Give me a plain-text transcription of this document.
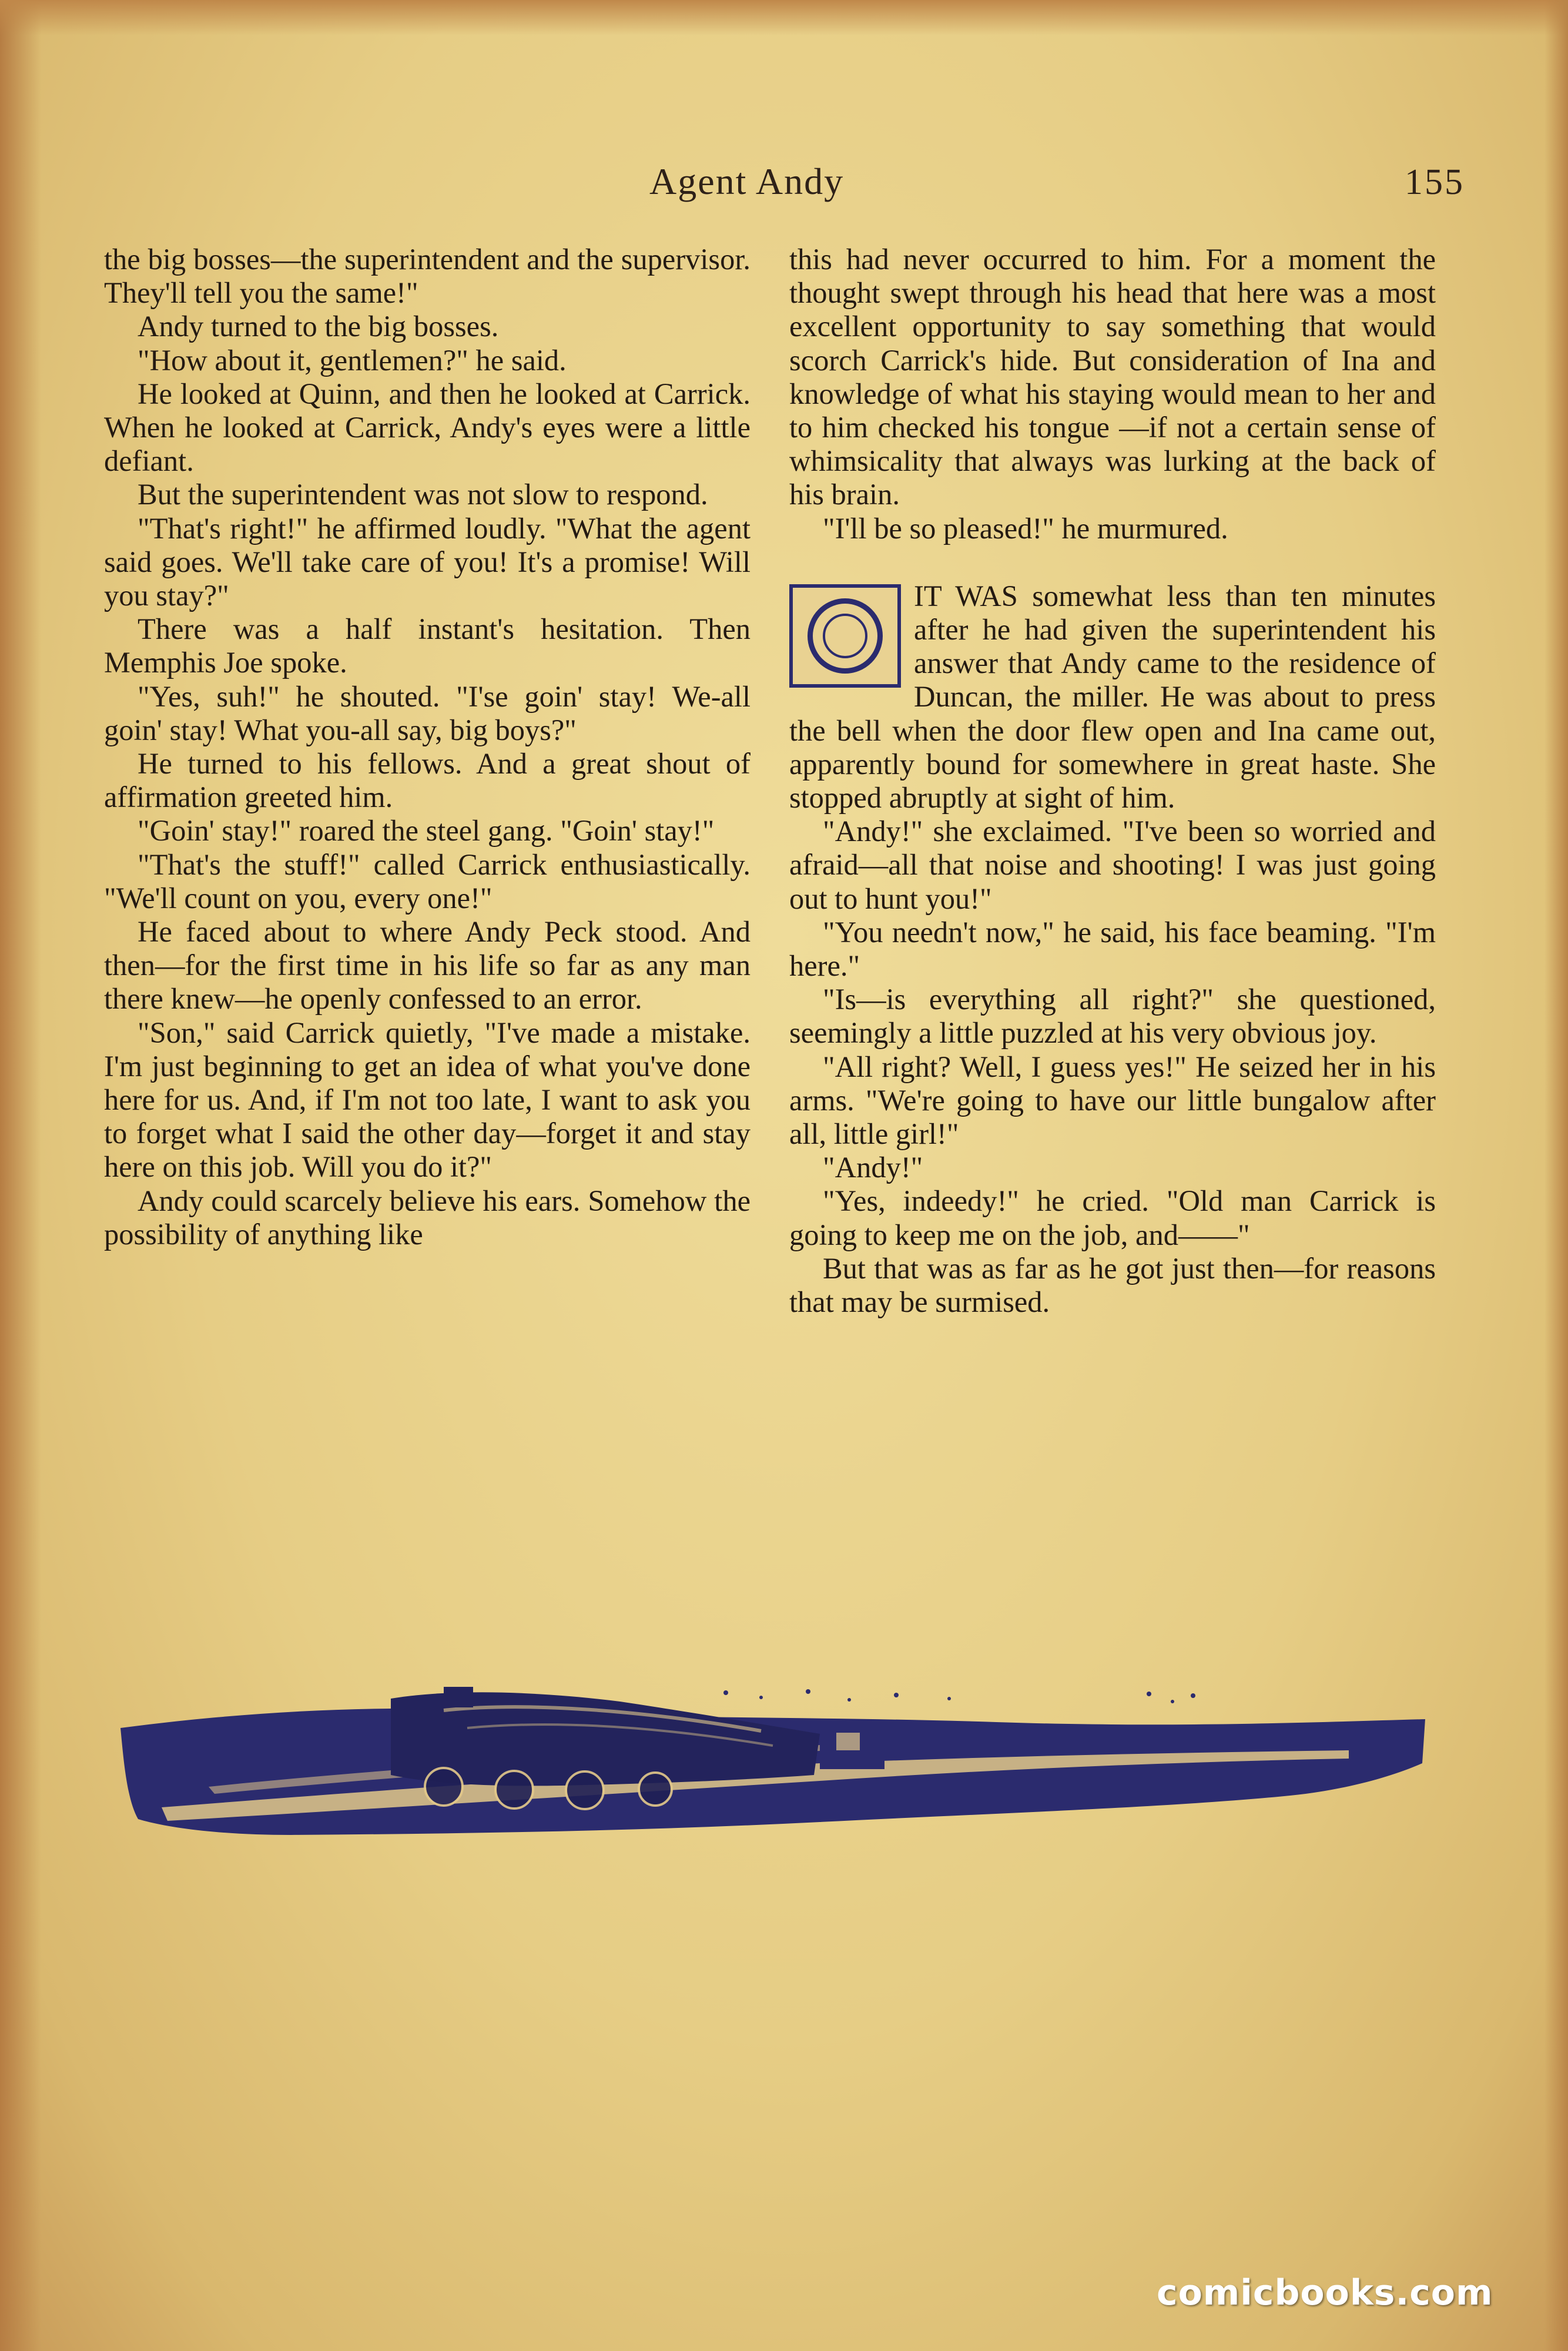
Agent Andy	155

the big bosses—the superintendent and the supervisor. They'll tell you the same!"

Andy turned to the big bosses.

"How about it, gentlemen?" he said.

He looked at Quinn, and then he looked at Carrick. When he looked at Carrick, Andy's eyes were a little defiant.

But the superintendent was not slow to respond.

"That's right!" he affirmed loudly. "What the agent said goes. We'll take care of you! It's a promise! Will you stay?"

There was a half instant's hesitation. Then Memphis Joe spoke.

"Yes, suh!" he shouted. "I'se goin' stay! We-all goin' stay! What you-all say, big boys?"

He turned to his fellows. And a great shout of affirmation greeted him.

"Goin' stay!" roared the steel gang. "Goin' stay!"

"That's the stuff!" called Carrick enthusiastically. "We'll count on you, every one!"

He faced about to where Andy Peck stood. And then—for the first time in his life so far as any man there knew—he openly confessed to an error.

"Son," said Carrick quietly, "I've made a mistake. I'm just beginning to get an idea of what you've done here for us. And, if I'm not too late, I want to ask you to forget what I said the other day—forget it and stay here on this job. Will you do it?"

Andy could scarcely believe his ears. Somehow the possibility of anything like

this had never occurred to him. For a moment the thought swept through his head that here was a most excellent opportunity to say something that would scorch Carrick's hide. But consideration of Ina and knowledge of what his staying would mean to her and to him checked his tongue —if not a certain sense of whimsicality that always was lurking at the back of his brain.

"I'll be so pleased!" he murmured.

IT WAS somewhat less than ten minutes after he had given the superintendent his answer that Andy came to the residence of Duncan, the miller. He was about to press the bell when the door flew open and Ina came out, apparently bound for somewhere in great haste. She stopped abruptly at sight of him.

"Andy!" she exclaimed. "I've been so worried and afraid—all that noise and shooting! I was just going out to hunt you!"

"You needn't now," he said, his face beaming. "I'm here."

"Is—is everything all right?" she questioned, seemingly a little puzzled at his very obvious joy.

"All right? Well, I guess yes!" He seized her in his arms. "We're going to have our little bungalow after all, little girl!"

"Andy!"

"Yes, indeedy!" he cried. "Old man Carrick is going to keep me on the job, and——"

But that was as far as he got just then—for reasons that may be surmised.

comicbooks.com
